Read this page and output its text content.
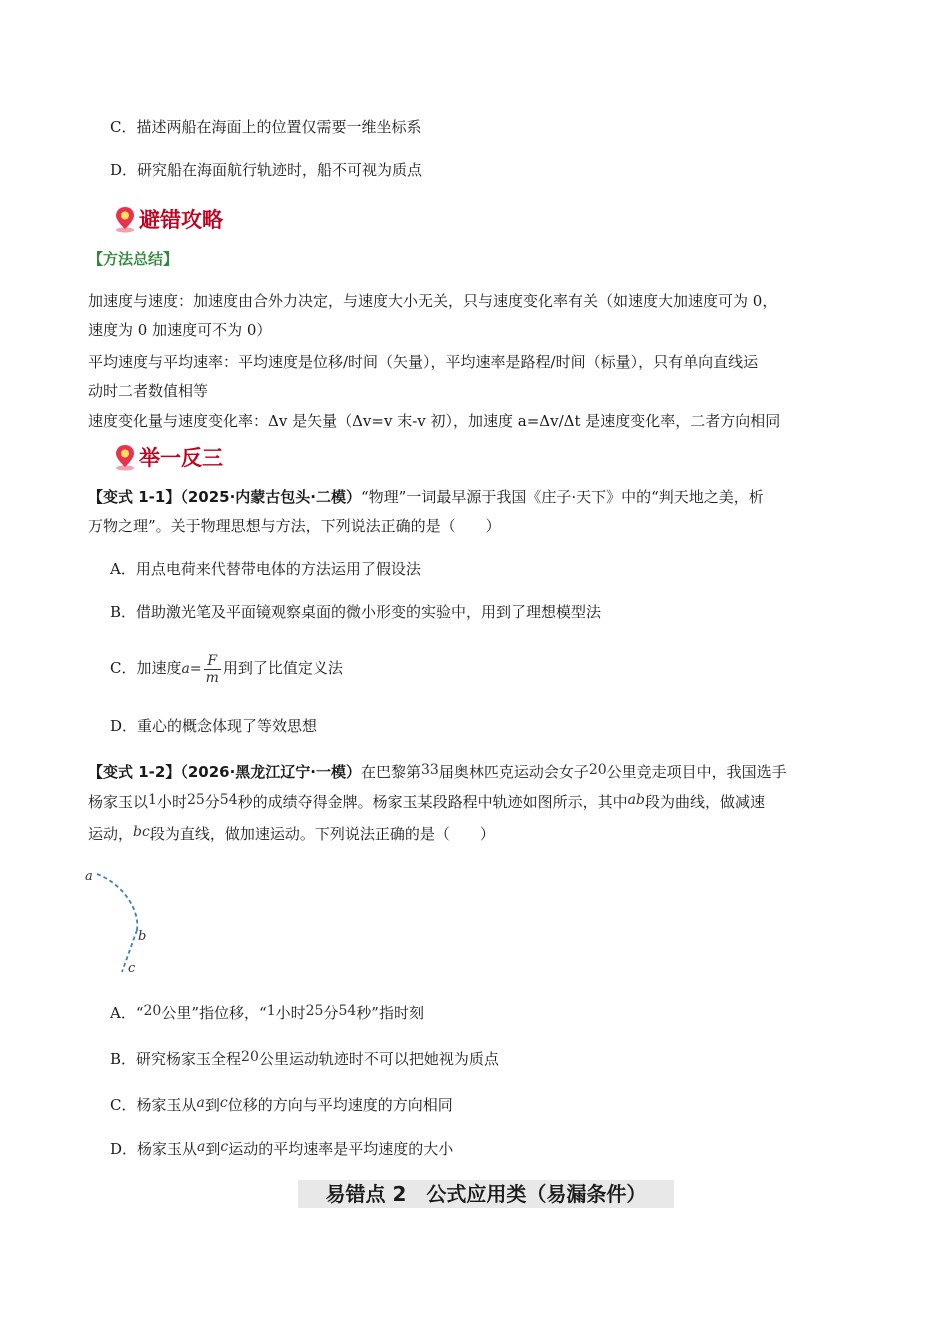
C．描述两船在海面上的位置仅需要一维坐标系
D．研究船在海面航行轨迹时，船不可视为质点
避错攻略
【方法总结】
加速度与速度：加速度由合外力决定，与速度大小无关，只与速度变化率有关（如速度大加速度可为 0，
速度为 0 加速度可不为 0）
平均速度与平均速率：平均速度是位移/时间（矢量），平均速率是路程/时间（标量），只有单向直线运
动时二者数值相等
速度变化量与速度变化率：Δv 是矢量（Δv=v 末-v 初），加速度 a=Δv/Δt 是速度变化率，二者方向相同
举一反三
【变式 1-1】（2025·内蒙古包头·二模）“物理”一词最早源于我国《庄子·天下》中的“判天地之美，析
万物之理”。关于物理思想与方法，下列说法正确的是（　　）
A．用点电荷来代替带电体的方法运用了假设法
B．借助激光笔及平面镜观察桌面的微小形变的实验中，用到了理想模型法
C．加速度$a= \frac{F}{m}$ 用到了比值定义法
D．重心的概念体现了等效思想
【变式 1-2】（2026·黑龙江辽宁·一模）在巴黎第33届奥林匹克运动会女子20公里竞走项目中，我国选手
杨家玉以1小时25分54秒的成绩夺得金牌。杨家玉某段路程中轨迹如图所示，其中ab段为曲线，做减速
运动，bc段为直线，做加速运动。下列说法正确的是（　　）
a
b
c
A．“20公里”指位移，“1小时25分54秒”指时刻
B．研究杨家玉全程20公里运动轨迹时不可以把她视为质点
C．杨家玉从a到c位移的方向与平均速度的方向相同
D．杨家玉从a到c运动的平均速率是平均速度的大小
易错点 2　公式应用类（易漏条件）
